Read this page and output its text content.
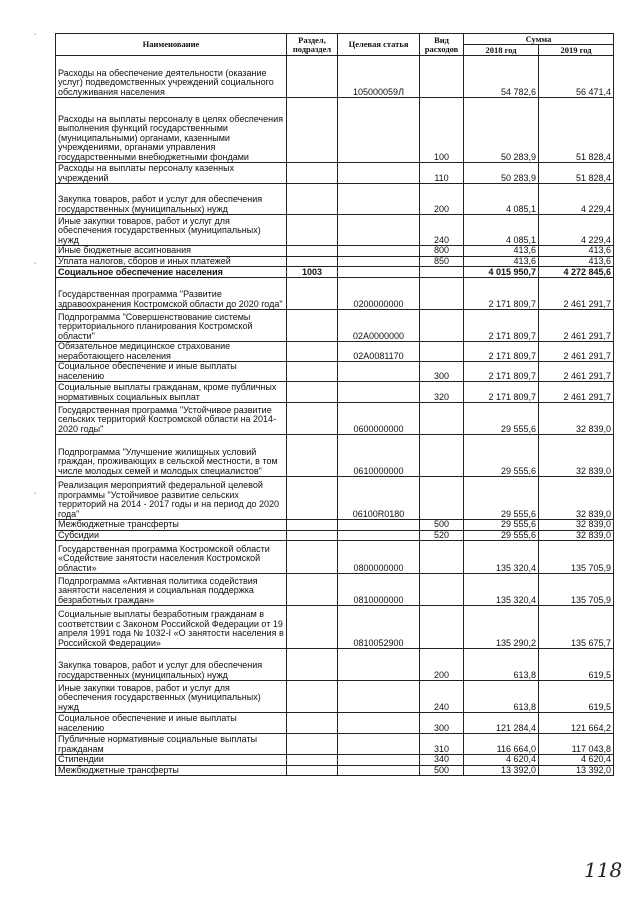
Наименование	Раздел, подраздел	Целевая статья	Вид расходов	Сумма	
				2018 год	2019 год
Расходы на обеспечение деятельности (оказание услуг) подведомственных учреждений социального обслуживания населения		105000059Л		54 782,6	56 471,4
Расходы на выплаты персоналу в целях обеспечения выполнения функций государственными (муниципальными) органами, казенными учреждениями, органами управления государственными внебюджетными фондами			100	50 283,9	51 828,4
Расходы на выплаты персоналу казенных учреждений			110	50 283,9	51 828,4
Закупка товаров, работ и услуг для обеспечения государственных (муниципальных) нужд			200	4 085,1	4 229,4
Иные закупки товаров, работ и услуг для обеспечения государственных (муниципальных) нужд			240	4 085,1	4 229,4
Иные бюджетные ассигнования			800	413,6	413,6
Уплата налогов, сборов и иных платежей			850	413,6	413,6
Социальное обеспечение населения	1003			4 015 950,7	4 272 845,6
Государственная программа "Развитие здравоохранения Костромской области до 2020 года"		0200000000		2 171 809,7	2 461 291,7
Подпрограмма "Совершенствование системы территориального планирования Костромской области"		02А0000000		2 171 809,7	2 461 291,7
Обязательное медицинское страхование неработающего населения		02А0081170		2 171 809,7	2 461 291,7
Социальное обеспечение и иные выплаты населению			300	2 171 809,7	2 461 291,7
Социальные выплаты гражданам, кроме публичных нормативных социальных выплат			320	2 171 809,7	2 461 291,7
Государственная программа "Устойчивое развитие сельских территорий Костромской области на 2014-2020 годы"		0600000000		29 555,6	32 839,0
Подпрограмма "Улучшение жилищных условий граждан, проживающих в сельской местности, в том числе молодых семей и молодых специалистов"		0610000000		29 555,6	32 839,0
Реализация мероприятий федеральной целевой программы "Устойчивое развитие сельских территорий на 2014 - 2017 годы и на период до 2020 года"		06100R0180		29 555,6	32 839,0
Межбюджетные трансферты			500	29 555,6	32 839,0
Субсидии			520	29 555,6	32 839,0
Государственная программа Костромской области «Содействие занятости населения Костромской области»		0800000000		135 320,4	135 705,9
Подпрограмма «Активная политика содействия занятости населения и социальная поддержка безработных граждан»		0810000000		135 320,4	135 705,9
Социальные выплаты безработным гражданам в соответствии с Законом Российской Федерации от 19 апреля 1991 года № 1032-I «О занятости населения в Российской Федерации»		0810052900		135 290,2	135 675,7
Закупка товаров, работ и услуг для обеспечения государственных (муниципальных) нужд			200	613,8	619,5
Иные закупки товаров, работ и услуг для обеспечения государственных (муниципальных) нужд			240	613,8	619,5
Социальное обеспечение и иные выплаты населению			300	121 284,4	121 664,2
Публичные нормативные социальные выплаты гражданам			310	116 664,0	117 043,8
Стипендии			340	4 620,4	4 620,4
Межбюджетные трансферты			500	13 392,0	13 392,0
118
`
`
`
